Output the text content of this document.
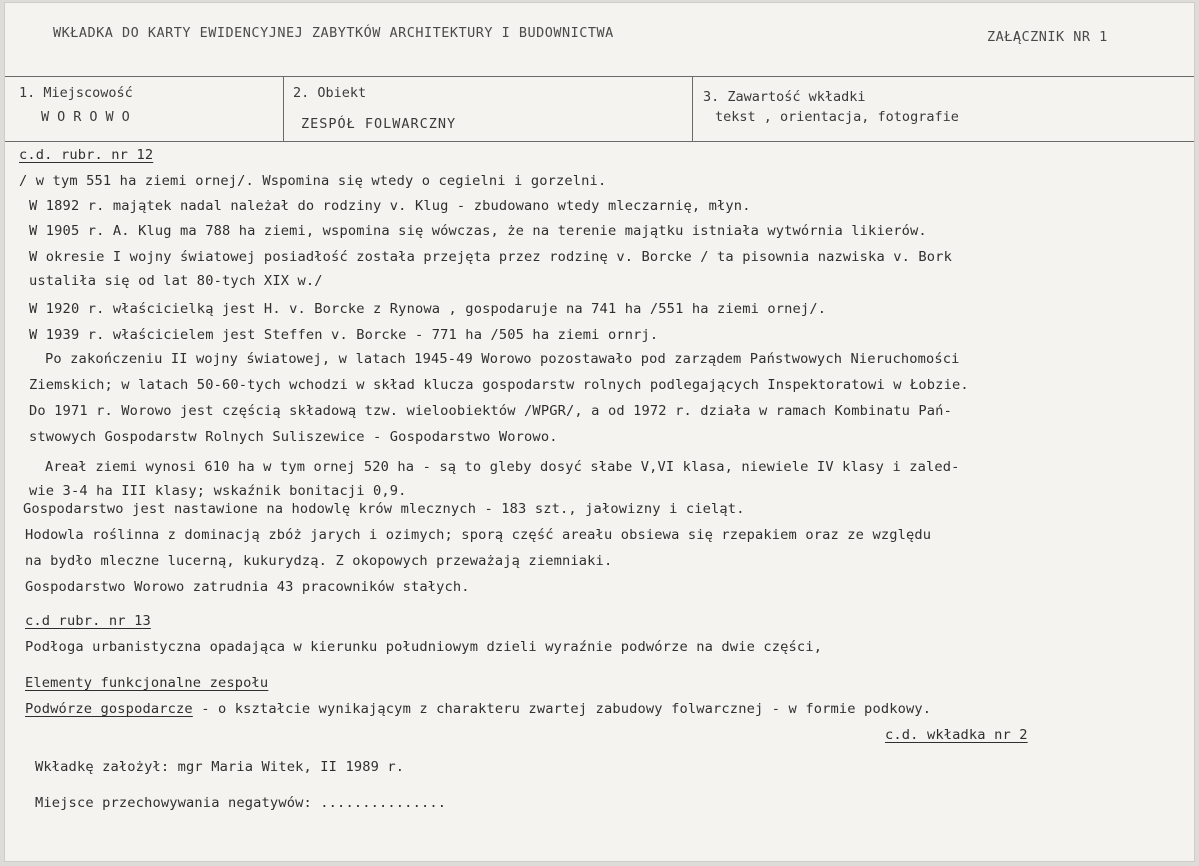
WKŁADKA DO KARTY EWIDENCYJNEJ ZABYTKÓW ARCHITEKTURY I BUDOWNICTWA	ZAŁĄCZNIK NR 1
1. Miejscowość
WOROWO
2. Obiekt
ZESPÓŁ FOLWARCZNY
3. Zawartość wkładki
tekst , orientacja, fotografie
c.d. rubr. nr 12
/ w tym 551 ha ziemi ornej/. Wspomina się wtedy o cegielni i gorzelni.
W 1892 r. majątek nadal należał do rodziny v. Klug - zbudowano wtedy mleczarnię, młyn.
W 1905 r. A. Klug ma 788 ha ziemi, wspomina się wówczas, że na terenie majątku istniała wytwórnia likierów.
W okresie I wojny światowej posiadłość została przejęta przez rodzinę v. Borcke / ta pisownia nazwiska v. Bork
ustaliła się od lat 80-tych XIX w./
W 1920 r. właścicielką jest H. v. Borcke z Rynowa , gospodaruje na 741 ha /551 ha ziemi ornej/.
W 1939 r. właścicielem jest Steffen v. Borcke - 771 ha /505 ha ziemi ornrj.
Po zakończeniu II wojny światowej, w latach 1945-49 Worowo pozostawało pod zarządem Państwowych Nieruchomości
Ziemskich; w latach 50-60-tych wchodzi w skład klucza gospodarstw rolnych podlegających Inspektoratowi w Łobzie.
Do 1971 r. Worowo jest częścią składową tzw. wieloobiektów /WPGR/, a od 1972 r. działa w ramach Kombinatu Pań-
stwowych Gospodarstw Rolnych Suliszewice - Gospodarstwo Worowo.
Areał ziemi wynosi 610 ha w tym ornej 520 ha - są to gleby dosyć słabe V,VI klasa, niewiele IV klasy i zaled-
wie 3-4 ha III klasy; wskaźnik bonitacji 0,9.
Gospodarstwo jest nastawione na hodowlę krów mlecznych - 183 szt., jałowizny i cieląt.
Hodowla roślinna z dominacją zbóż jarych i ozimych; sporą część areału obsiewa się rzepakiem oraz ze względu
na bydło mleczne lucerną, kukurydzą. Z okopowych przeważają ziemniaki.
Gospodarstwo Worowo zatrudnia 43 pracowników stałych.
c.d rubr. nr 13
Podłoga urbanistyczna opadająca w kierunku południowym dzieli wyraźnie podwórze na dwie części,
Elementy funkcjonalne zespołu
Podwórze gospodarcze - o kształcie wynikającym z charakteru zwartej zabudowy folwarcznej - w formie podkowy.
c.d. wkładka nr 2
Wkładkę założył: mgr Maria Witek, II 1989 r.
Miejsce przechowywania negatywów: ...............
